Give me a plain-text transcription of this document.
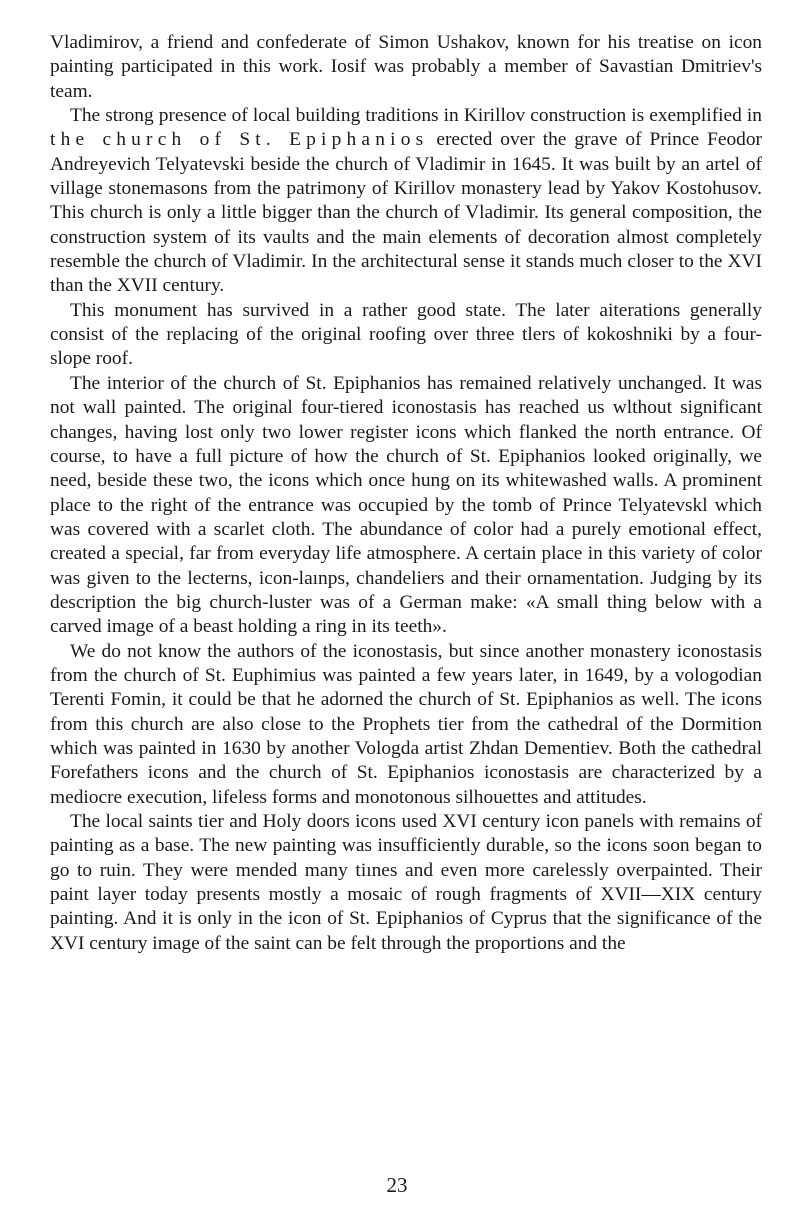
Vladimirov, a friend and confederate of Simon Ushakov, known for his treatise on icon painting participated in this work. Iosif was probably a member of Savastian Dmitriev's team.

The strong presence of local building traditions in Kirillov construction is exemplified in the church of St. Epiphanios erected over the grave of Prince Feodor Andreyevich Telyatevski beside the church of Vladimir in 1645. It was built by an artel of village stonemasons from the patrimony of Kirillov monastery lead by Yakov Kostohusov. This church is only a little bigger than the church of Vladimir. Its general composition, the construction system of its vaults and the main elements of decoration almost completely resemble the church of Vladimir. In the architectural sense it stands much closer to the XVI than the XVII century.

This monument has survived in a rather good state. The later aiterations generally consist of the replacing of the original roofing over three tlers of kokoshniki by a four-slope roof.

The interior of the church of St. Epiphanios has remained relatively unchanged. It was not wall painted. The original four-tiered iconostasis has reached us wlthout significant changes, having lost only two lower register icons which flanked the north entrance. Of course, to have a full picture of how the church of St. Epiphanios looked originally, we need, beside these two, the icons which once hung on its whitewashed walls. A prominent place to the right of the entrance was occupied by the tomb of Prince Telyatevskl which was covered with a scarlet cloth. The abundance of color had a purely emotional effect, created a special, far from everyday life atmosphere. A certain place in this variety of color was given to the lecterns, icon-laınps, chandeliers and their ornamentation. Judging by its description the big church-luster was of a German make: «A small thing below with a carved image of a beast holding a ring in its teeth».

We do not know the authors of the iconostasis, but since another monastery iconostasis from the church of St. Euphimius was painted a few years later, in 1649, by a vologodian Terenti Fomin, it could be that he adorned the church of St. Epiphanios as well. The icons from this church are also close to the Prophets tier from the cathedral of the Dormition which was painted in 1630 by another Vologda artist Zhdan Dementiev. Both the cathedral Forefathers icons and the church of St. Epiphanios iconostasis are characterized by a mediocre execution, lifeless forms and monotonous silhouettes and attitudes.

The local saints tier and Holy doors icons used XVI century icon panels with remains of painting as a base. The new painting was insufficiently durable, so the icons soon began to go to ruin. They were mended many tiınes and even more carelessly overpainted. Their paint layer today presents mostly a mosaic of rough fragments of XVII—XIX century painting. And it is only in the icon of St. Epiphanios of Cyprus that the significance of the XVI century image of the saint can be felt through the proportions and the

23
